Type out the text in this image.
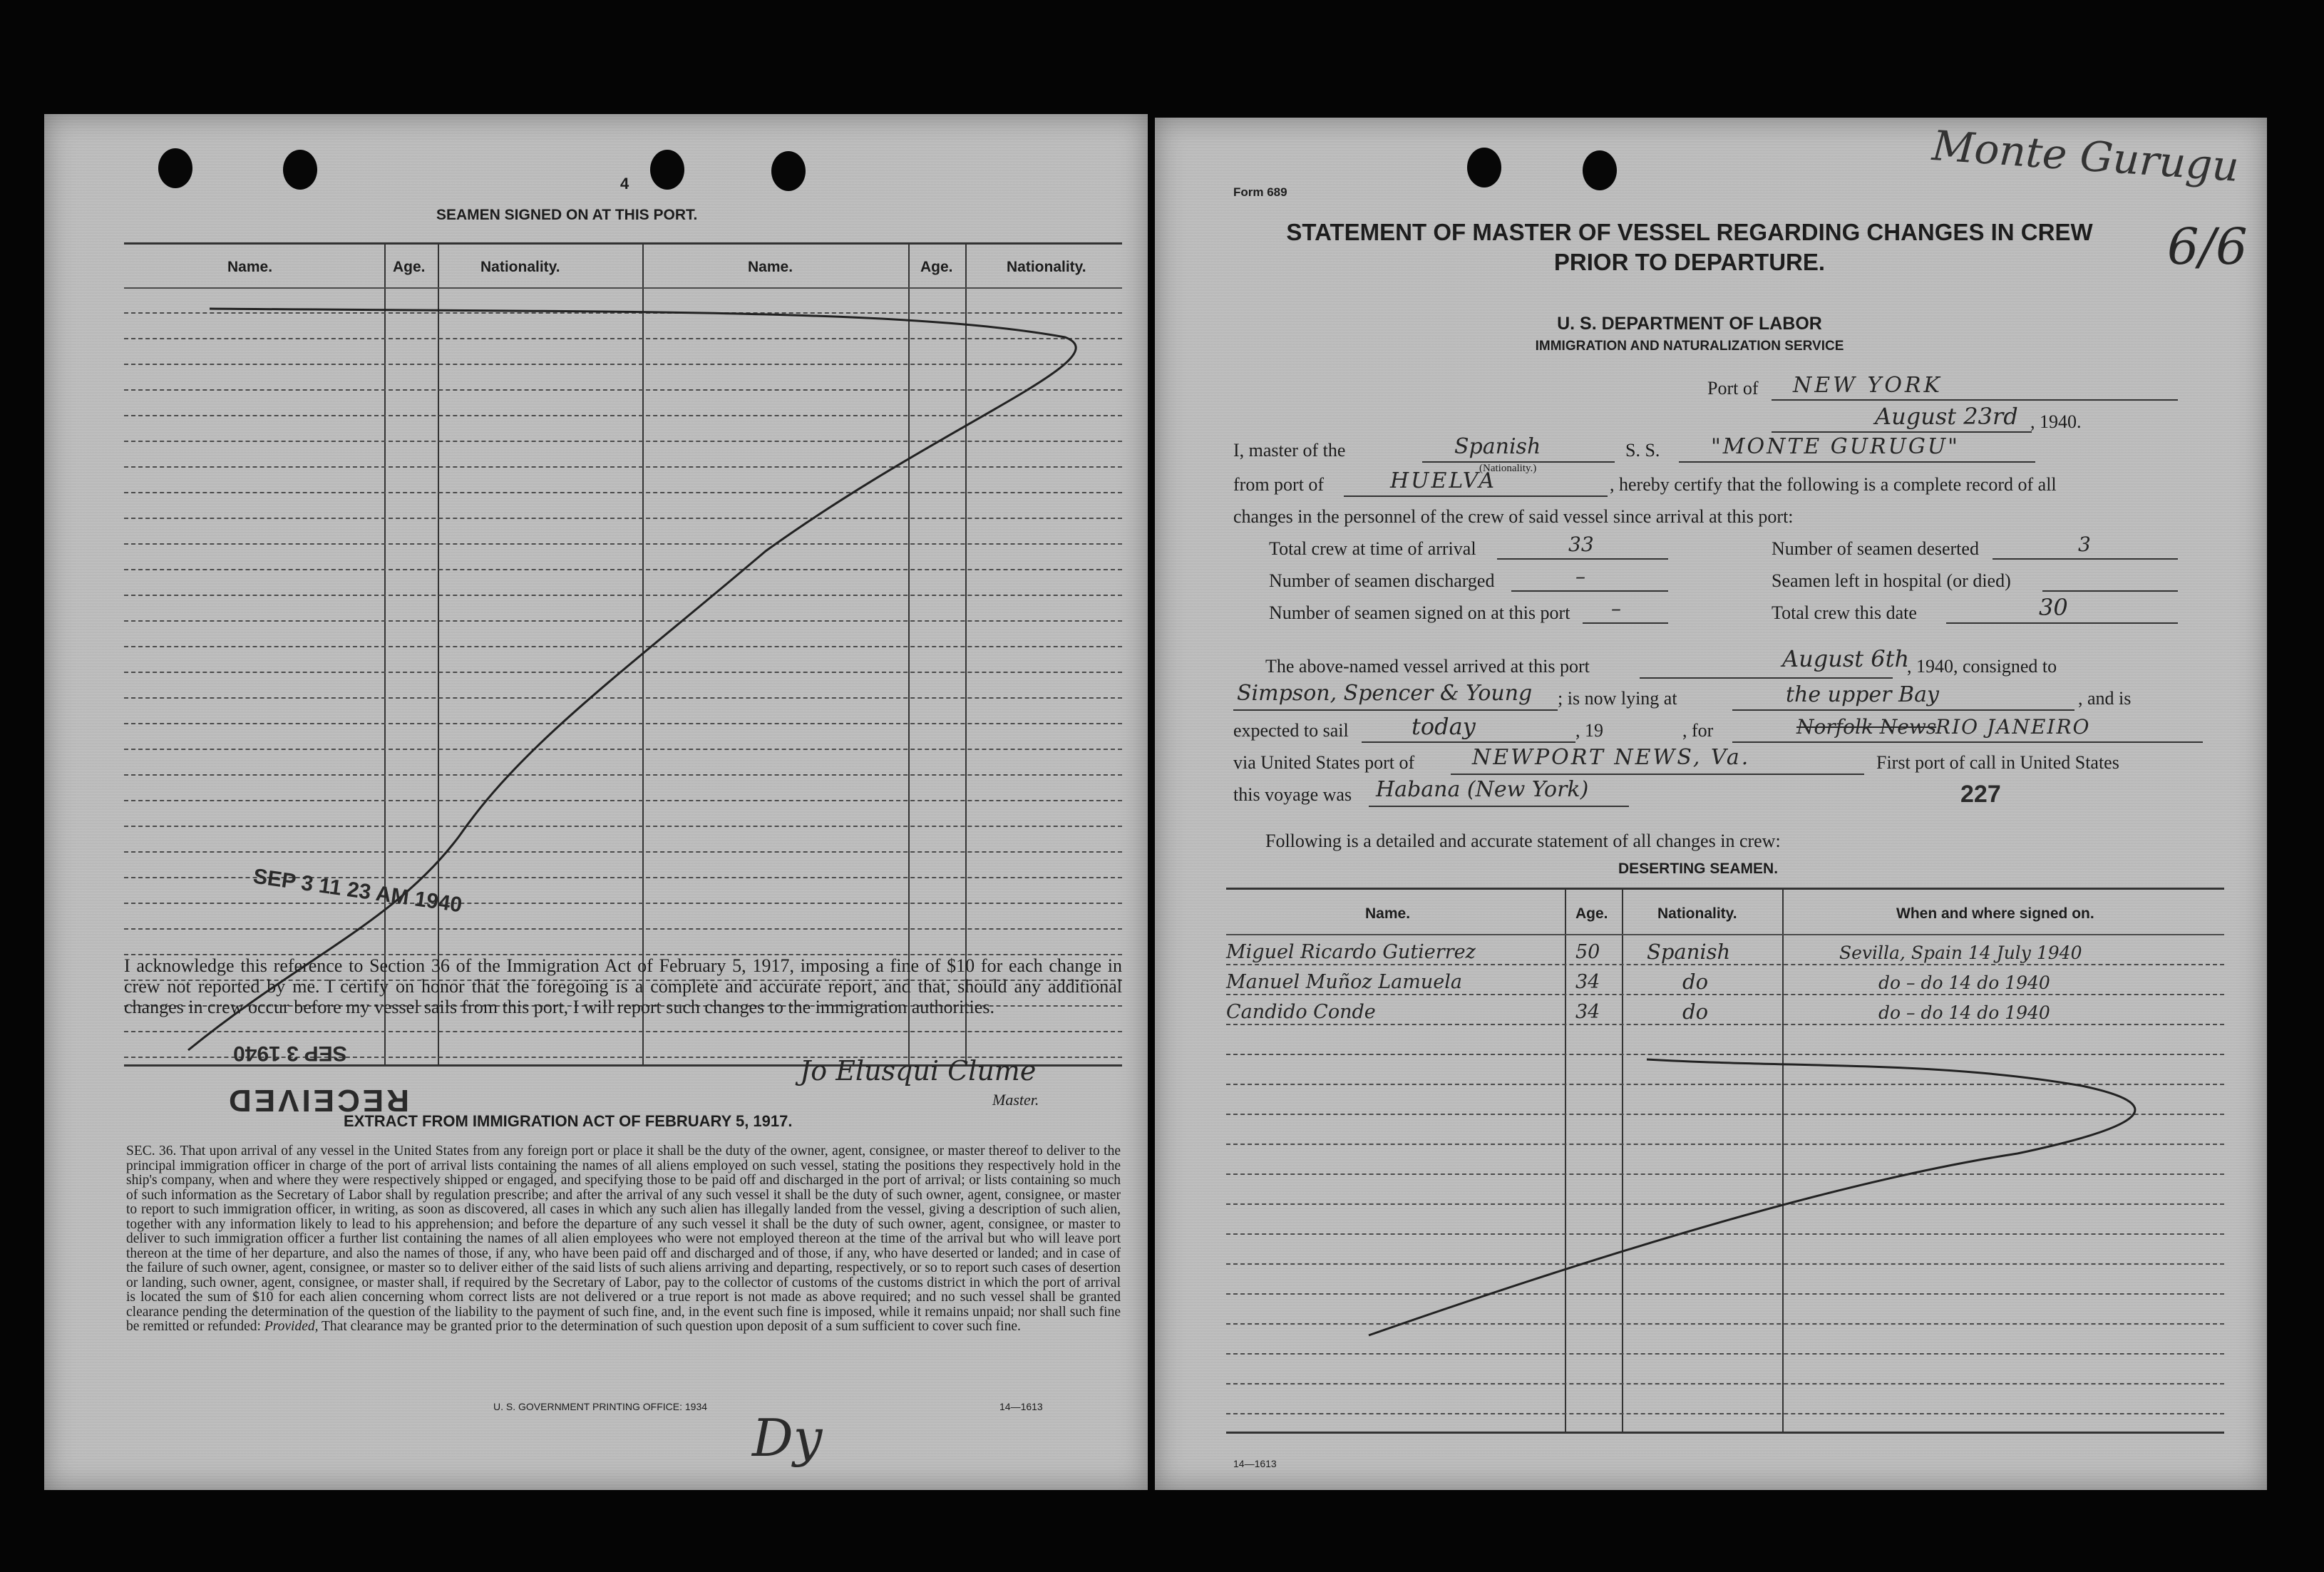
4
SEAMEN SIGNED ON AT THIS PORT.
Name.	Age.	Nationality.	Name.	Age.	Nationality.
SEP 3 11 23 AM 1940
I acknowledge this reference to Section 36 of the Immigration Act of February 5, 1917, imposing a fine of $10 for each change in crew not reported by me. I certify on honor that the foregoing is a complete and accurate report, and that, should any additional changes in crew occur before my vessel sails from this port, I will report such changes to the immigration authorities.
SEP 3 1940
RECEIVED
Jo Elusqui Clume
Master.
EXTRACT FROM IMMIGRATION ACT OF FEBRUARY 5, 1917.
SEC. 36. That upon arrival of any vessel in the United States from any foreign port or place it shall be the duty of the owner, agent, consignee, or master thereof to deliver to the principal immigration officer in charge of the port of arrival lists containing the names of all aliens employed on such vessel, stating the positions they respectively hold in the ship's company, when and where they were respectively shipped or engaged, and specifying those to be paid off and discharged in the port of arrival; or lists containing so much of such information as the Secretary of Labor shall by regulation prescribe; and after the arrival of any such vessel it shall be the duty of such owner, agent, consignee, or master to report to such immigration officer, in writing, as soon as discovered, all cases in which any such alien has illegally landed from the vessel, giving a description of such alien, together with any information likely to lead to his apprehension; and before the departure of any such vessel it shall be the duty of such owner, agent, consignee, or master to deliver to such immigration officer a further list containing the names of all alien employees who were not employed thereon at the time of the arrival but who will leave port thereon at the time of her departure, and also the names of those, if any, who have been paid off and discharged and of those, if any, who have deserted or landed; and in case of the failure of such owner, agent, consignee, or master so to deliver either of the said lists of such aliens arriving and departing, respectively, or so to report such cases of desertion or landing, such owner, agent, consignee, or master shall, if required by the Secretary of Labor, pay to the collector of customs of the customs district in which the port of arrival is located the sum of $10 for each alien concerning whom correct lists are not delivered or a true report is not made as above required; and no such vessel shall be granted clearance pending the determination of the question of the liability to the payment of such fine, and, in the event such fine is imposed, while it remains unpaid; nor shall such fine be remitted or refunded: Provided, That clearance may be granted prior to the determination of such question upon deposit of a sum sufficient to cover such fine.
U. S. GOVERNMENT PRINTING OFFICE: 1934	14—1613
Form 689
Monte Gurugu
6/6
STATEMENT OF MASTER OF VESSEL REGARDING CHANGES IN CREW
PRIOR TO DEPARTURE.
U. S. DEPARTMENT OF LABOR
IMMIGRATION AND NATURALIZATION SERVICE
Port of NEW YORK
August 23rd , 1940.
I, master of the	Spanish
(Nationality.)
S. S. "MONTE GURUGU"
from port of	HUELVA	, hereby certify that the following is a complete record of all
changes in the personnel of the crew of said vessel since arrival at this port:
Total crew at time of arrival	33	Number of seamen deserted	3
Number of seamen discharged	–	Seamen left in hospital (or died)
Number of seamen signed on at this port –	Total crew this date	30
The above-named vessel arrived at this port	August 6th
, 1940, consigned to
Simpson, Spencer & Young ; is now lying at	the upper Bay	, and is
expected to sail	today	, 19	, for	Norfolk News
RIO JANEIRO
via United States port of	NEWPORT NEWS, Va.	First port of call in United States
this voyage was Habana (New York)	227
Following is a detailed and accurate statement of all changes in crew:
DESERTING SEAMEN.
Name.	Age.	Nationality.	When and where signed on.
Miguel Ricardo Gutierrez	50 Spanish	Sevilla, Spain 14 July 1940
Manuel Muñoz Lamuela	34	do	do – do 14 do 1940
Candido Conde	34	do	do – do 14 do 1940
14—1613
Dy
